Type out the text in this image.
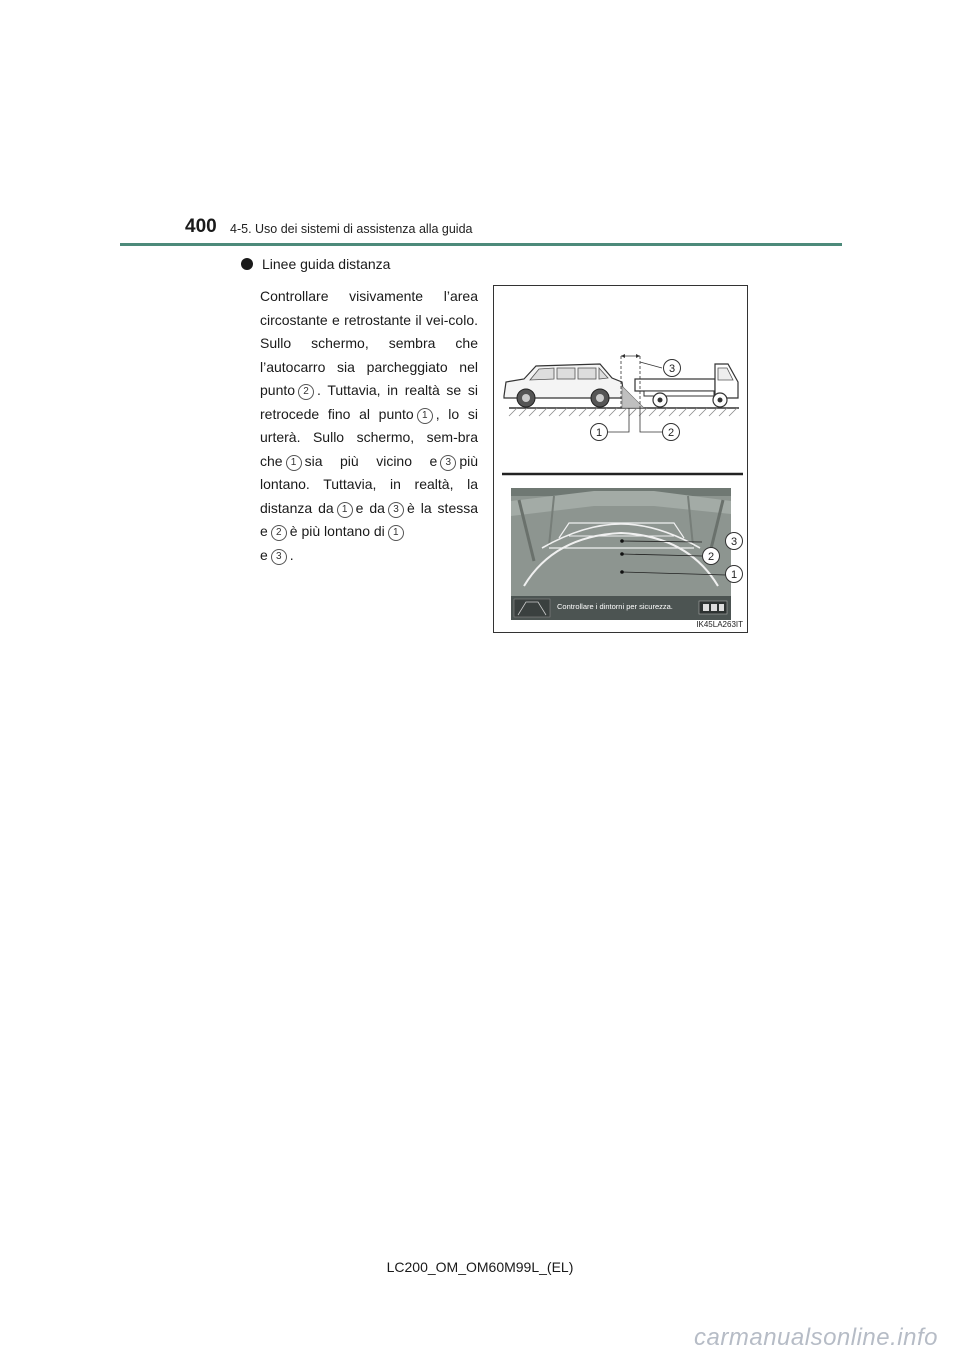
400 4-5. Uso dei sistemi di assistenza alla guida
Linee guida distanza

Controllare visivamente l’area circostante e retrostante il vei-colo. Sullo schermo, sembra che l’autocarro sia parcheggiato nel punto 2 . Tuttavia, in realtà se si retrocede fino al punto 1 , lo si urterà. Sullo schermo, sem-bra che 1 sia più vicino e 3 più lontano. Tuttavia, in realtà, la distanza da 1 e da 3 è la stessa e 2 è più lontano di 1
e 3 .

3
1	2
3
2
1
IK45LA263IT
Controllare i dintorni per sicurezza.
LC200_OM_OM60M99L_(EL)
carmanualsonline.info
